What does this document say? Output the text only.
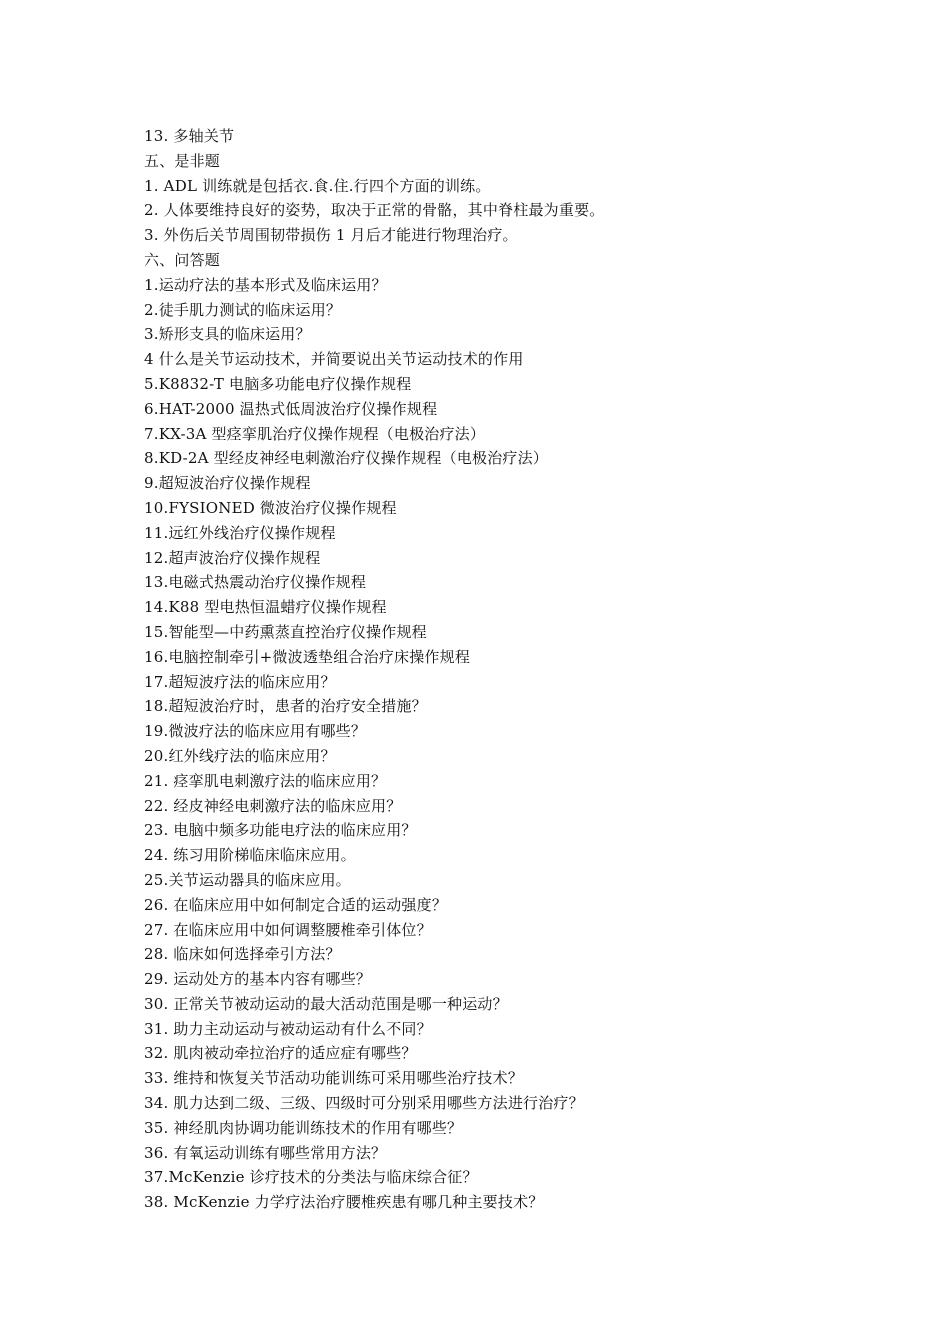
13. 多轴关节
五、是非题
1. ADL 训练就是包括衣.食.住.行四个方面的训练。
2. 人体要维持良好的姿势，取决于正常的骨骼，其中脊柱最为重要。
3. 外伤后关节周围韧带损伤 1 月后才能进行物理治疗。
六、问答题
1.运动疗法的基本形式及临床运用？
2.徒手肌力测试的临床运用？
3.矫形支具的临床运用？
4 什么是关节运动技术，并简要说出关节运动技术的作用
5.K8832-T 电脑多功能电疗仪操作规程
6.HAT-2000 温热式低周波治疗仪操作规程
7.KX-3A 型痉挛肌治疗仪操作规程（电极治疗法）
8.KD-2A 型经皮神经电刺激治疗仪操作规程（电极治疗法）
9.超短波治疗仪操作规程
10.FYSIONED 微波治疗仪操作规程
11.远红外线治疗仪操作规程
12.超声波治疗仪操作规程
13.电磁式热震动治疗仪操作规程
14.K88 型电热恒温蜡疗仪操作规程
15.智能型—中药熏蒸直控治疗仪操作规程
16.电脑控制牵引+微波透垫组合治疗床操作规程
17.超短波疗法的临床应用？
18.超短波治疗时，患者的治疗安全措施？
19.微波疗法的临床应用有哪些？
20.红外线疗法的临床应用？
21. 痉挛肌电刺激疗法的临床应用？
22. 经皮神经电刺激疗法的临床应用？
23. 电脑中频多功能电疗法的临床应用？
24. 练习用阶梯临床临床应用。
25.关节运动器具的临床应用。
26. 在临床应用中如何制定合适的运动强度？
27. 在临床应用中如何调整腰椎牵引体位？
28. 临床如何选择牵引方法？
29. 运动处方的基本内容有哪些？
30. 正常关节被动运动的最大活动范围是哪一种运动？
31. 助力主动运动与被动运动有什么不同？
32. 肌肉被动牵拉治疗的适应症有哪些？
33. 维持和恢复关节活动功能训练可采用哪些治疗技术？
34. 肌力达到二级、三级、四级时可分别采用哪些方法进行治疗？
35. 神经肌肉协调功能训练技术的作用有哪些？
36. 有氧运动训练有哪些常用方法？
37.McKenzie 诊疗技术的分类法与临床综合征？
38. McKenzie 力学疗法治疗腰椎疾患有哪几种主要技术？
